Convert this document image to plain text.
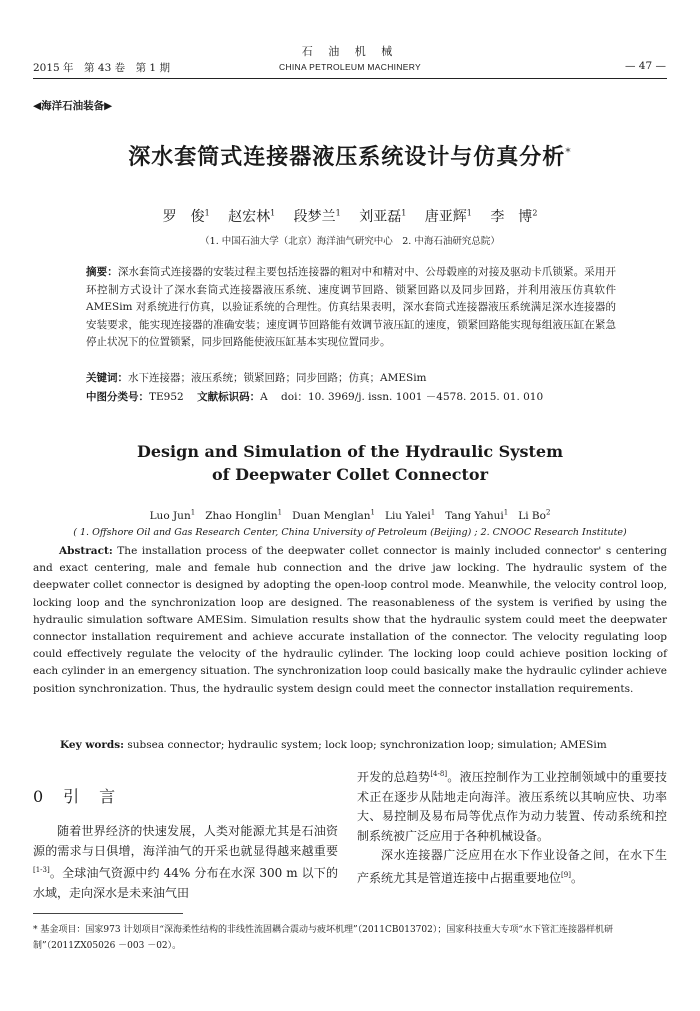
2015 年　第 43 卷　第 1 期
石 油 机 械
CHINA PETROLEUM MACHINERY	— 47 —
◀海洋石油装备▶
深水套筒式连接器液压系统设计与仿真分析*
罗　俊$^1$ 赵宏林$^1$ 段梦兰$^1$ 刘亚磊$^1$ 唐亚辉$^1$ 李　博$^2$
（1. 中国石油大学（北京）海洋油气研究中心　2. 中海石油研究总院）
摘要：深水套筒式连接器的安装过程主要包括连接器的粗对中和精对中、公母毂座的对接及驱动卡爪锁紧。采用开环控制方式设计了深水套筒式连接器液压系统、速度调节回路、锁紧回路以及同步回路，并利用液压仿真软件 AMESim 对系统进行仿真，以验证系统的合理性。仿真结果表明，深水套筒式连接器液压系统满足深水连接器的安装要求，能实现连接器的准确安装；速度调节回路能有效调节液压缸的速度，锁紧回路能实现每组液压缸在紧急停止状况下的位置锁紧，同步回路能使液压缸基本实现位置同步。
关键词：水下连接器；液压系统；锁紧回路；同步回路；仿真；AMESim
中图分类号：TE952 文献标识码：A doi：10. 3969/j. issn. 1001 －4578. 2015. 01. 010
Design and Simulation of the Hydraulic System
of Deepwater Collet Connector
Luo Jun$^1$ Zhao Honglin$^1$ Duan Menglan$^1$ Liu Yalei$^1$ Tang Yahui$^1$ Li Bo$^2$
( 1. Offshore Oil and Gas Research Center, China University of Petroleum (Beijing) ; 2. CNOOC Research Institute)
Abstract: The installation process of the deepwater collet connector is mainly included connector' s centering and exact centering, male and female hub connection and the drive jaw locking. The hydraulic system of the deepwater collet connector is designed by adopting the open-loop control mode. Meanwhile, the velocity control loop, locking loop and the synchronization loop are designed. The reasonableness of the system is verified by using the hydraulic simulation software AMESim. Simulation results show that the hydraulic system could meet the deepwater connector installation requirement and achieve accurate installation of the connector. The velocity regulating loop could effectively regulate the velocity of the hydraulic cylinder. The locking loop could achieve position locking of each cylinder in an emergency situation. The synchronization loop could basically make the hydraulic cylinder achieve position synchronization. Thus, the hydraulic system design could meet the connector installation requirements.
Key words: subsea connector; hydraulic system; lock loop; synchronization loop; simulation; AMESim
0　引　言

随着世界经济的快速发展，人类对能源尤其是石油资源的需求与日俱增，海洋油气的开采也就显得越来越重要[1-3]。全球油气资源中约 44% 分布在水深 300 m 以下的水域，走向深水是未来油气田

开发的总趋势[4-8]。液压控制作为工业控制领域中的重要技术正在逐步从陆地走向海洋。液压系统以其响应快、功率大、易控制及易布局等优点作为动力装置、传动系统和控制系统被广泛应用于各种机械设备。

深水连接器广泛应用在水下作业设备之间，在水下生产系统尤其是管道连接中占据重要地位[9]。

* 基金项目：国家973 计划项目“深海柔性结构的非线性流固耦合震动与疲坏机理”（2011CB013702）；国家科技重大专项“水下管汇连接器样机研制”（2011ZX05026 －003 －02）。
